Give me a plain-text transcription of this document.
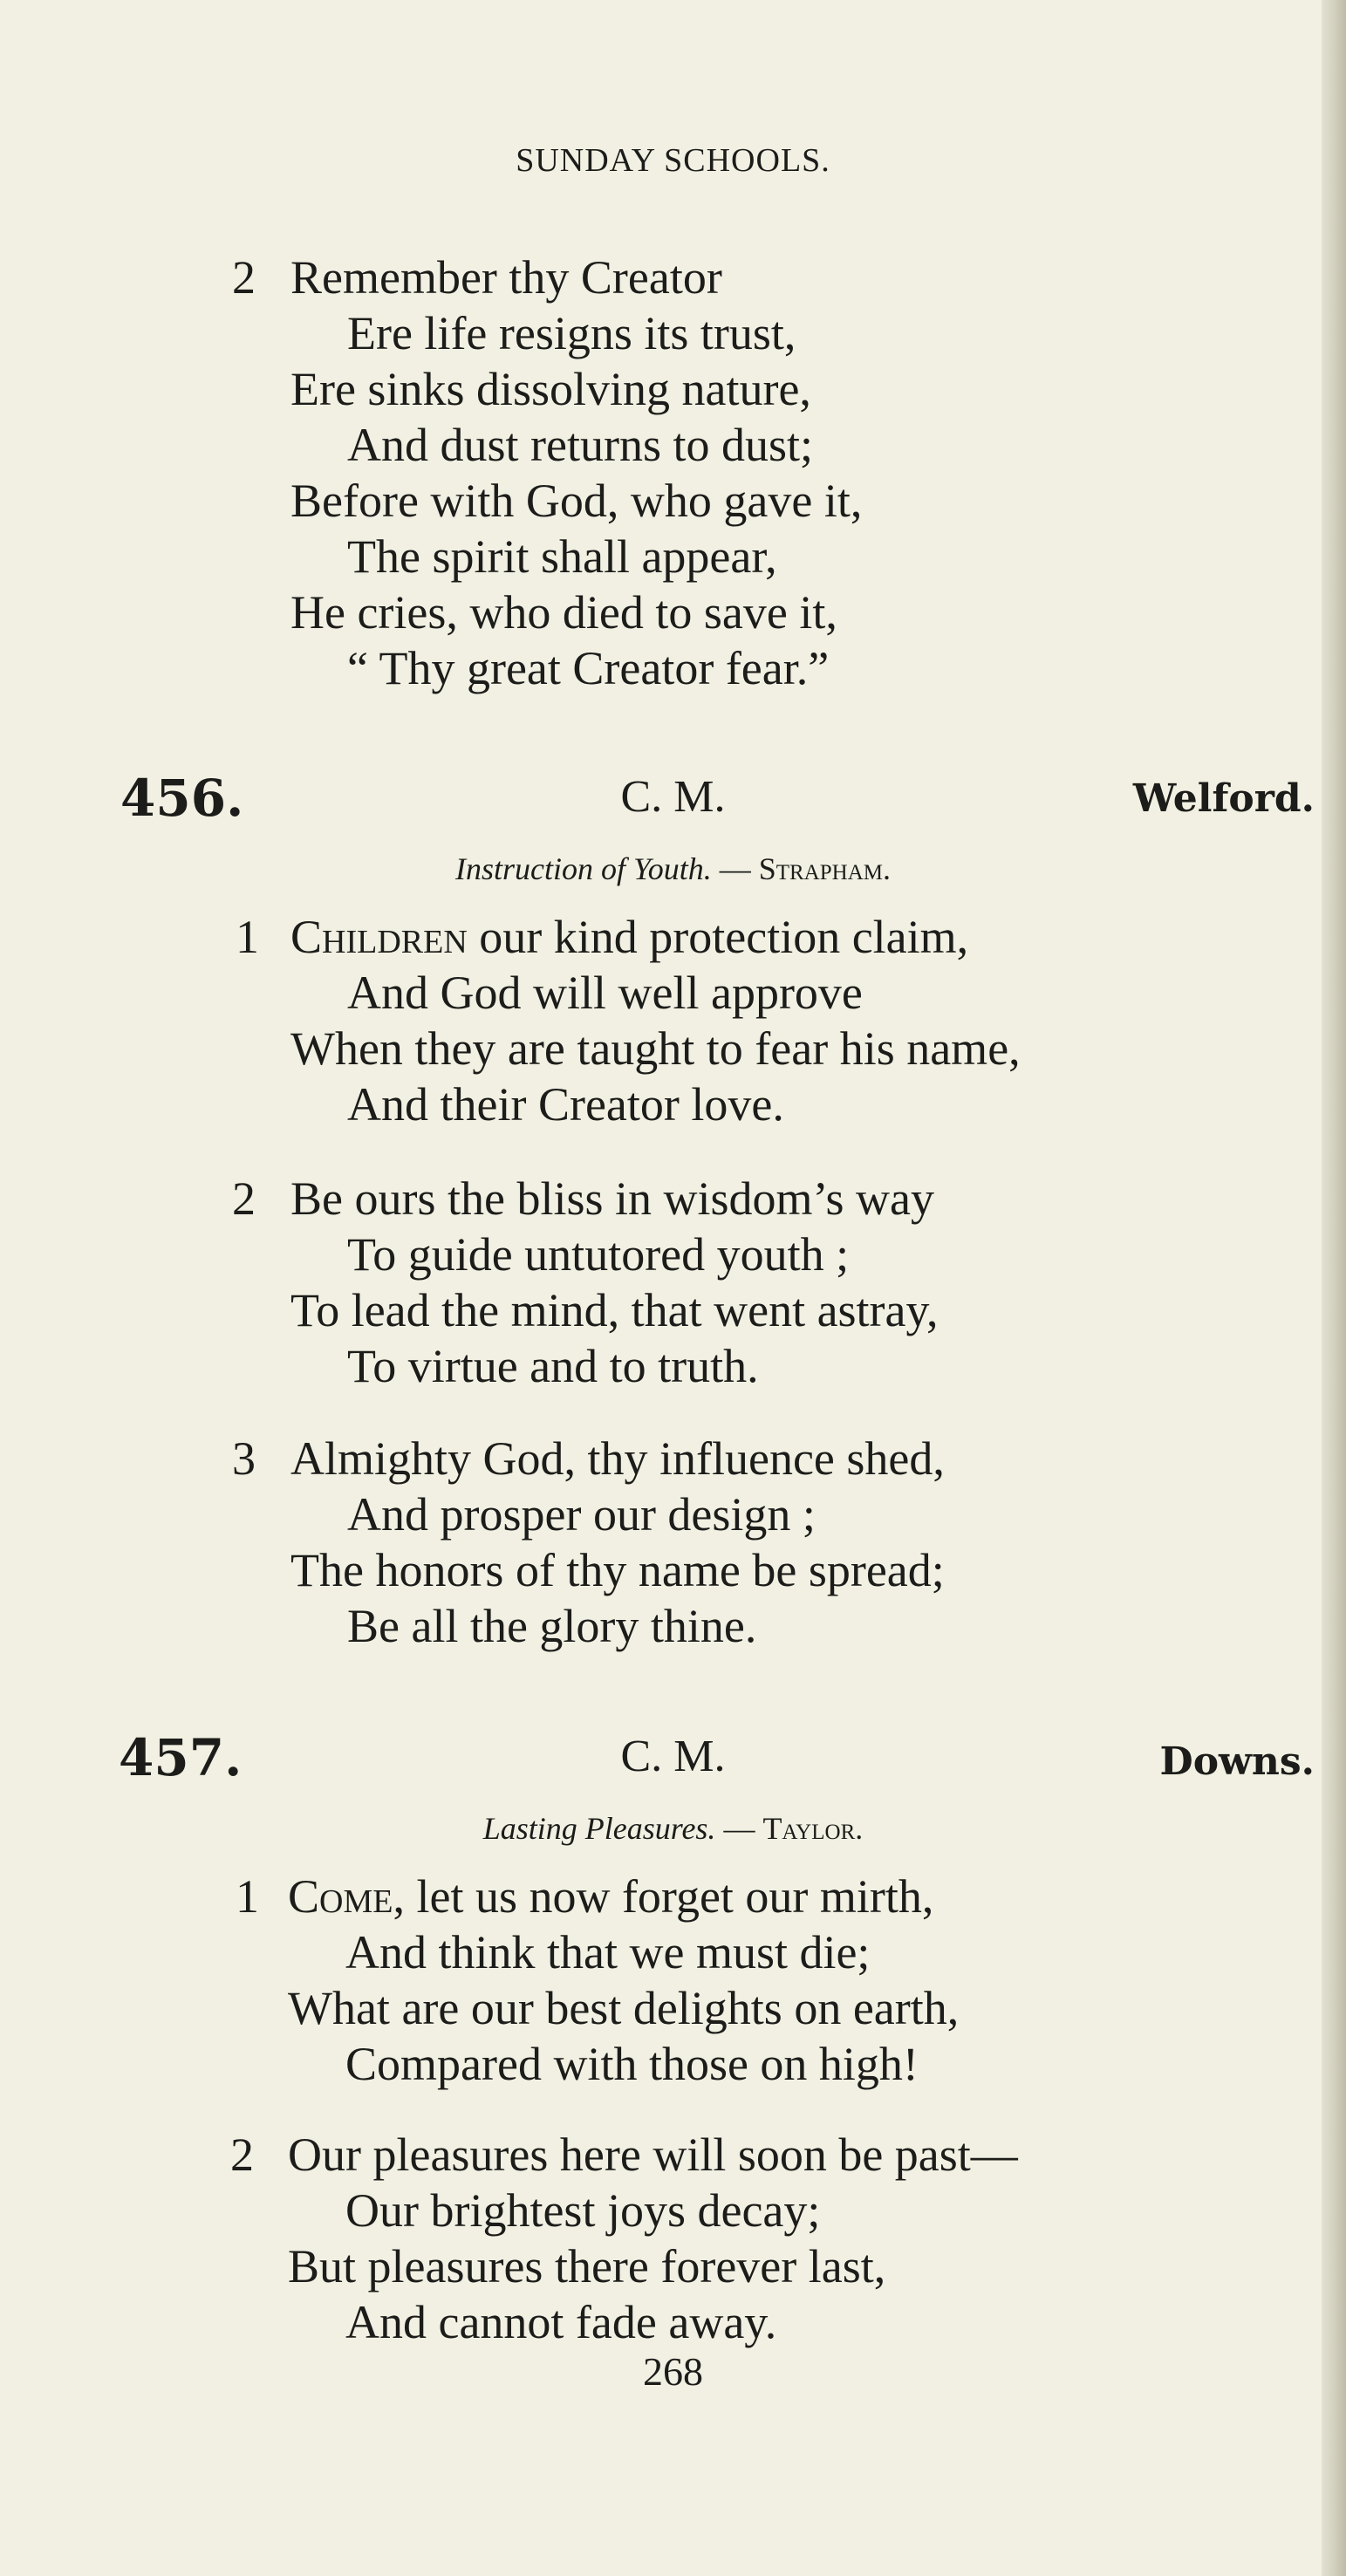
SUNDAY SCHOOLS.
2 Remember thy Creator
Ere life resigns its trust,
Ere sinks dissolving nature,
And dust returns to dust;
Before with God, who gave it,
The spirit shall appear,
He cries, who died to save it,
“ Thy great Creator fear.”
456.	C. M.	Welford.
Instruction of Youth. — Strapham.
1 Children our kind protection claim,
And God will well approve
When they are taught to fear his name,
And their Creator love.
2 Be ours the bliss in wisdom’s way
To guide untutored youth ;
To lead the mind, that went astray,
To virtue and to truth.
3 Almighty God, thy influence shed,
And prosper our design ;
The honors of thy name be spread;
Be all the glory thine.
457.	C. M.	Downs.
Lasting Pleasures. — Taylor.
1 Come, let us now forget our mirth,
And think that we must die;
What are our best delights on earth,
Compared with those on high!
2 Our pleasures here will soon be past—
Our brightest joys decay;
But pleasures there forever last,
And cannot fade away.
268
